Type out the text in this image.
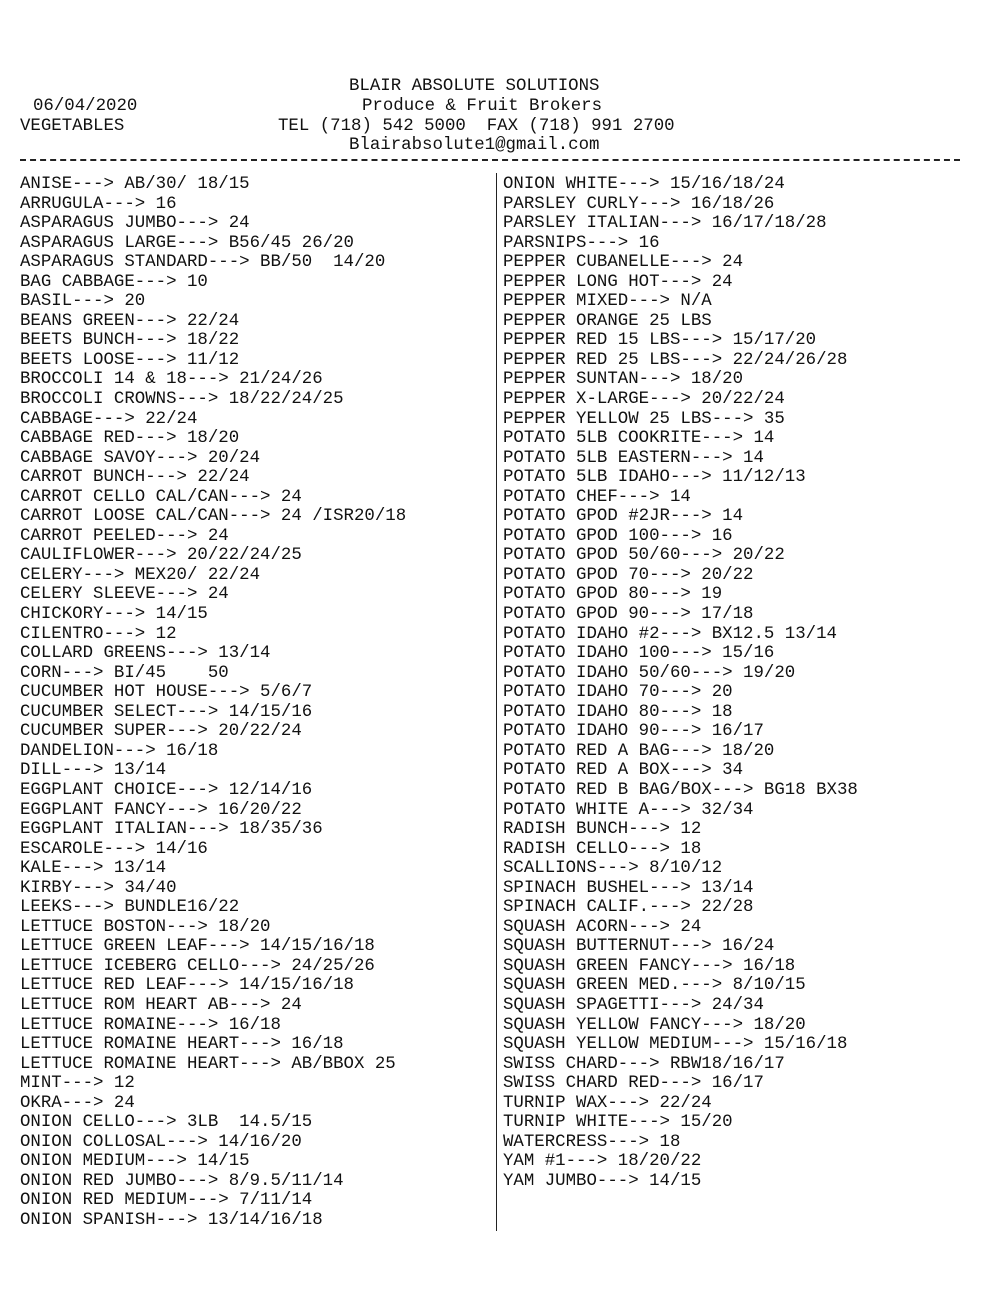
BLAIR ABSOLUTE SOLUTIONS
Produce & Fruit Brokers
06/04/2020
VEGETABLES	TEL (718) 542 5000  FAX (718) 991 2700
Blairabsolute1@gmail.com
ANISE---> AB/30/ 18/15
ARRUGULA---> 16
ASPARAGUS JUMBO---> 24
ASPARAGUS LARGE---> B56/45 26/20
ASPARAGUS STANDARD---> BB/50  14/20
BAG CABBAGE---> 10
BASIL---> 20
BEANS GREEN---> 22/24
BEETS BUNCH---> 18/22
BEETS LOOSE---> 11/12
BROCCOLI 14 & 18---> 21/24/26
BROCCOLI CROWNS---> 18/22/24/25
CABBAGE---> 22/24
CABBAGE RED---> 18/20
CABBAGE SAVOY---> 20/24
CARROT BUNCH---> 22/24
CARROT CELLO CAL/CAN---> 24
CARROT LOOSE CAL/CAN---> 24 /ISR20/18
CARROT PEELED---> 24
CAULIFLOWER---> 20/22/24/25
CELERY---> MEX20/ 22/24
CELERY SLEEVE---> 24
CHICKORY---> 14/15
CILENTRO---> 12
COLLARD GREENS---> 13/14
CORN---> BI/45    50
CUCUMBER HOT HOUSE---> 5/6/7
CUCUMBER SELECT---> 14/15/16
CUCUMBER SUPER---> 20/22/24
DANDELION---> 16/18
DILL---> 13/14
EGGPLANT CHOICE---> 12/14/16
EGGPLANT FANCY---> 16/20/22
EGGPLANT ITALIAN---> 18/35/36
ESCAROLE---> 14/16
KALE---> 13/14
KIRBY---> 34/40
LEEKS---> BUNDLE16/22
LETTUCE BOSTON---> 18/20
LETTUCE GREEN LEAF---> 14/15/16/18
LETTUCE ICEBERG CELLO---> 24/25/26
LETTUCE RED LEAF---> 14/15/16/18
LETTUCE ROM HEART AB---> 24
LETTUCE ROMAINE---> 16/18
LETTUCE ROMAINE HEART---> 16/18
LETTUCE ROMAINE HEART---> AB/BBOX 25
MINT---> 12
OKRA---> 24
ONION CELLO---> 3LB  14.5/15
ONION COLLOSAL---> 14/16/20
ONION MEDIUM---> 14/15
ONION RED JUMBO---> 8/9.5/11/14
ONION RED MEDIUM---> 7/11/14
ONION SPANISH---> 13/14/16/18
ONION WHITE---> 15/16/18/24
PARSLEY CURLY---> 16/18/26
PARSLEY ITALIAN---> 16/17/18/28
PARSNIPS---> 16
PEPPER CUBANELLE---> 24
PEPPER LONG HOT---> 24
PEPPER MIXED---> N/A
PEPPER ORANGE 25 LBS
PEPPER RED 15 LBS---> 15/17/20
PEPPER RED 25 LBS---> 22/24/26/28
PEPPER SUNTAN---> 18/20
PEPPER X-LARGE---> 20/22/24
PEPPER YELLOW 25 LBS---> 35
POTATO 5LB COOKRITE---> 14
POTATO 5LB EASTERN---> 14
POTATO 5LB IDAHO---> 11/12/13
POTATO CHEF---> 14
POTATO GPOD #2JR---> 14
POTATO GPOD 100---> 16
POTATO GPOD 50/60---> 20/22
POTATO GPOD 70---> 20/22
POTATO GPOD 80---> 19
POTATO GPOD 90---> 17/18
POTATO IDAHO #2---> BX12.5 13/14
POTATO IDAHO 100---> 15/16
POTATO IDAHO 50/60---> 19/20
POTATO IDAHO 70---> 20
POTATO IDAHO 80---> 18
POTATO IDAHO 90---> 16/17
POTATO RED A BAG---> 18/20
POTATO RED A BOX---> 34
POTATO RED B BAG/BOX---> BG18 BX38
POTATO WHITE A---> 32/34
RADISH BUNCH---> 12
RADISH CELLO---> 18
SCALLIONS---> 8/10/12
SPINACH BUSHEL---> 13/14
SPINACH CALIF.---> 22/28
SQUASH ACORN---> 24
SQUASH BUTTERNUT---> 16/24
SQUASH GREEN FANCY---> 16/18
SQUASH GREEN MED.---> 8/10/15
SQUASH SPAGETTI---> 24/34
SQUASH YELLOW FANCY---> 18/20
SQUASH YELLOW MEDIUM---> 15/16/18
SWISS CHARD---> RBW18/16/17
SWISS CHARD RED---> 16/17
TURNIP WAX---> 22/24
TURNIP WHITE---> 15/20
WATERCRESS---> 18
YAM #1---> 18/20/22
YAM JUMBO---> 14/15
